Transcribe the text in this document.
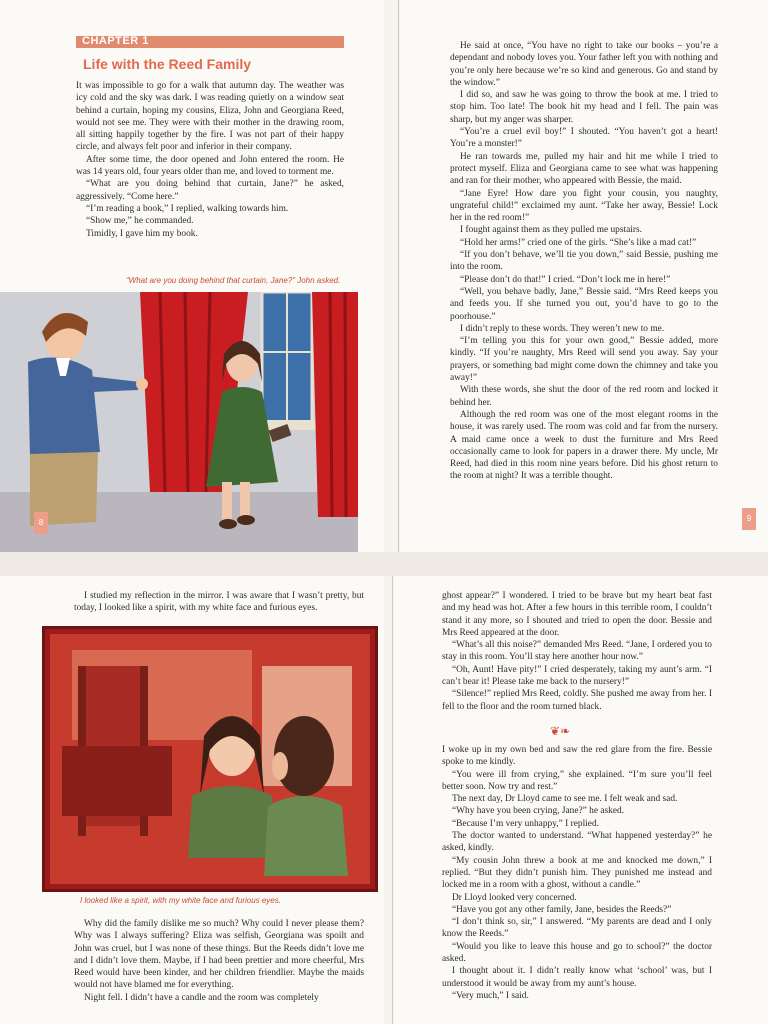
CHAPTER 1
Life with the Reed Family

It was impossible to go for a walk that autumn day. The weather was icy cold and the sky was dark. I was reading quietly on a window seat behind a curtain, hoping my cousins, Eliza, John and Georgiana Reed, would not see me. They were with their mother in the drawing room, all sitting happily together by the fire. I was not part of their happy circle, and always felt poor and inferior in their company.

After some time, the door opened and John entered the room. He was 14 years old, four years older than me, and loved to torment me.

“What are you doing behind that curtain, Jane?” he asked, aggressively. “Come here.”

“I’m reading a book,” I replied, walking towards him.

“Show me,” he commanded.

Timidly, I gave him my book.

“What are you doing behind that curtain, Jane?” John asked.
8

He said at once, “You have no right to take our books – you’re a dependant and nobody loves you. Your father left you with nothing and you’re only here because we’re so kind and generous. Go and stand by the window.”

I did so, and saw he was going to throw the book at me. I tried to stop him. Too late! The book hit my head and I fell. The pain was sharp, but my anger was sharper.

“You’re a cruel evil boy!” I shouted. “You haven’t got a heart! You’re a monster!”

He ran towards me, pulled my hair and hit me while I tried to protect myself. Eliza and Georgiana came to see what was happening and ran for their mother, who appeared with Bessie, the maid.

“Jane Eyre! How dare you fight your cousin, you naughty, ungrateful child!” exclaimed my aunt. “Take her away, Bessie! Lock her in the red room!”

I fought against them as they pulled me upstairs.

“Hold her arms!” cried one of the girls. “She’s like a mad cat!”

“If you don’t behave, we’ll tie you down,” said Bessie, pushing me into the room.

“Please don’t do that!” I cried. “Don’t lock me in here!”

“Well, you behave badly, Jane,” Bessie said. “Mrs Reed keeps you and feeds you. If she turned you out, you’d have to go to the poorhouse.”

I didn’t reply to these words. They weren’t new to me.

“I’m telling you this for your own good,” Bessie added, more kindly. “If you’re naughty, Mrs Reed will send you away. Say your prayers, or something bad might come down the chimney and take you away!”

With these words, she shut the door of the red room and locked it behind her.

Although the red room was one of the most elegant rooms in the house, it was rarely used. The room was cold and far from the nursery. A maid came once a week to dust the furniture and Mrs Reed occasionally came to look for papers in a drawer there. My uncle, Mr Reed, had died in this room nine years before. Did his ghost return to the room at night? It was a terrible thought.

9

I studied my reflection in the mirror. I was aware that I wasn’t pretty, but today, I looked like a spirit, with my white face and furious eyes.

I looked like a spirit, with my white face and furious eyes.

Why did the family dislike me so much? Why could I never please them? Why was I always suffering? Eliza was selfish, Georgiana was spoilt and John was cruel, but I was none of these things. But the Reeds didn’t love me and I didn’t love them. Maybe, if I had been prettier and more cheerful, Mrs Reed would have been kinder, and her children friendlier. Maybe the maids would not have blamed me for everything.

Night fell. I didn’t have a candle and the room was completely

ghost appear?” I wondered. I tried to be brave but my heart beat fast and my head was hot. After a few hours in this terrible room, I couldn’t stand it any more, so I shouted and tried to open the door. Bessie and Mrs Reed appeared at the door.

“What’s all this noise?” demanded Mrs Reed. “Jane, I ordered you to stay in this room. You’ll stay here another hour now.”

“Oh, Aunt! Have pity!” I cried desperately, taking my aunt’s arm. “I can’t bear it! Please take me back to the nursery!”

“Silence!” replied Mrs Reed, coldly. She pushed me away from her. I fell to the floor and the room turned black.

❦❧

I woke up in my own bed and saw the red glare from the fire. Bessie spoke to me kindly.

“You were ill from crying,” she explained. “I’m sure you’ll feel better soon. Now try and rest.”

The next day, Dr Lloyd came to see me. I felt weak and sad.

“Why have you been crying, Jane?” he asked.

“Because I’m very unhappy,” I replied.

The doctor wanted to understand. “What happened yesterday?” he asked, kindly.

“My cousin John threw a book at me and knocked me down,” I replied. “But they didn’t punish him. They punished me instead and locked me in a room with a ghost, without a candle.”

Dr Lloyd looked very concerned.

“Have you got any other family, Jane, besides the Reeds?”

“I don’t think so, sir,” I answered. “My parents are dead and I only know the Reeds.”

“Would you like to leave this house and go to school?” the doctor asked.

I thought about it. I didn’t really know what ‘school’ was, but I understood it would be away from my aunt’s house.

“Very much,” I said.
